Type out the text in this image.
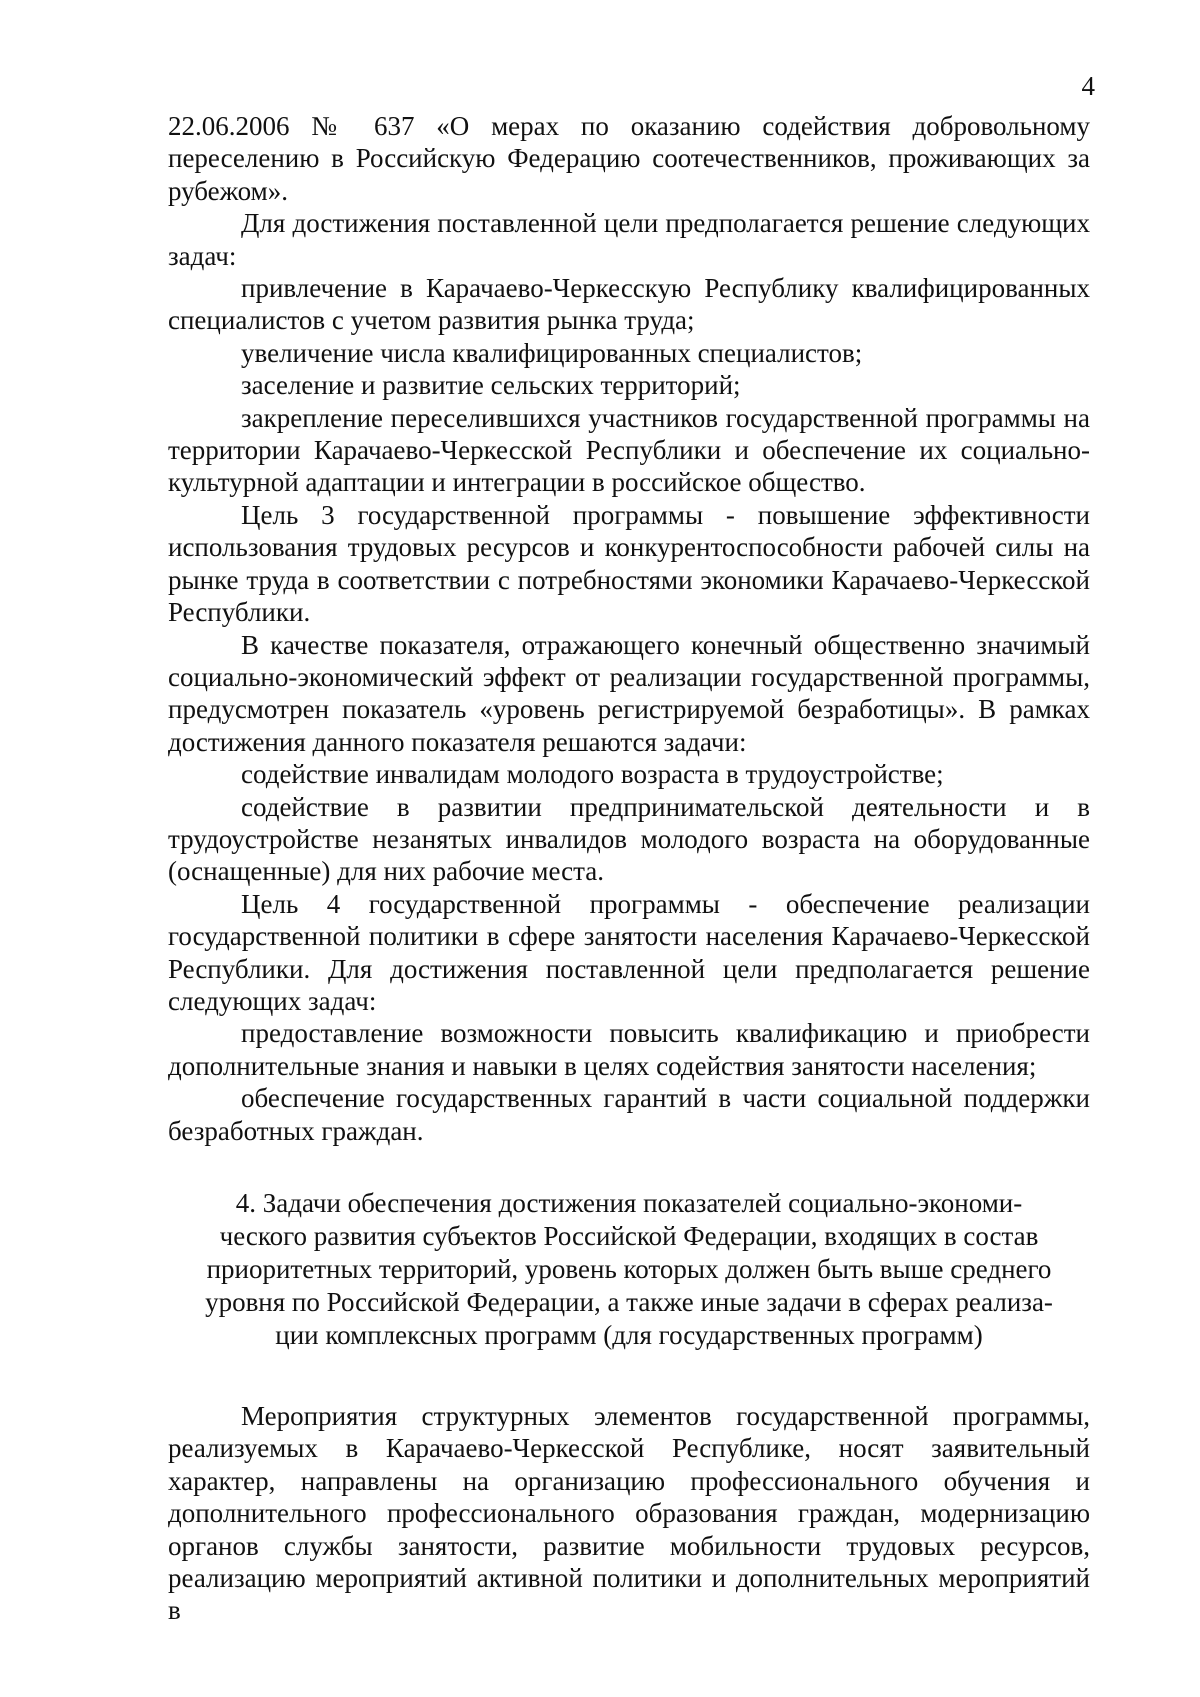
4

22.06.2006 № 637 «О мерах по оказанию содействия добровольному переселению в Российскую Федерацию соотечественников, проживающих за рубежом».

Для достижения поставленной цели предполагается решение следующих задач:

привлечение в Карачаево-Черкесскую Республику квалифицированных специалистов с учетом развития рынка труда;

увеличение числа квалифицированных специалистов;

заселение и развитие сельских территорий;

закрепление переселившихся участников государственной программы на территории Карачаево-Черкесской Республики и обеспечение их социально-культурной адаптации и интеграции в российское общество.

Цель 3 государственной программы - повышение эффективности использования трудовых ресурсов и конкурентоспособности рабочей силы на рынке труда в соответствии с потребностями экономики Карачаево-Черкесской Республики.

В качестве показателя, отражающего конечный общественно значимый социально-экономический эффект от реализации государственной программы, предусмотрен показатель «уровень регистрируемой безработицы». В рамках достижения данного показателя решаются задачи:

содействие инвалидам молодого возраста в трудоустройстве;

содействие в развитии предпринимательской деятельности и в трудоустройстве незанятых инвалидов молодого возраста на оборудованные (оснащенные) для них рабочие места.

Цель 4 государственной программы - обеспечение реализации государственной политики в сфере занятости населения Карачаево-Черкесской Республики. Для достижения поставленной цели предполагается решение следующих задач:

предоставление возможности повысить квалификацию и приобрести дополнительные знания и навыки в целях содействия занятости населения;

обеспечение государственных гарантий в части социальной поддержки безработных граждан.

4. Задачи обеспечения достижения показателей социально-экономи-
ческого развития субъектов Российской Федерации, входящих в состав
приоритетных территорий, уровень которых должен быть выше среднего
уровня по Российской Федерации, а также иные задачи в сферах реализа-
ции комплексных программ (для государственных программ)

Мероприятия структурных элементов государственной программы, реализуемых в Карачаево-Черкесской Республике, носят заявительный характер, направлены на организацию профессионального обучения и дополнительного профессионального образования граждан, модернизацию органов службы занятости, развитие мобильности трудовых ресурсов, реализацию мероприятий активной политики и дополнительных мероприятий в
